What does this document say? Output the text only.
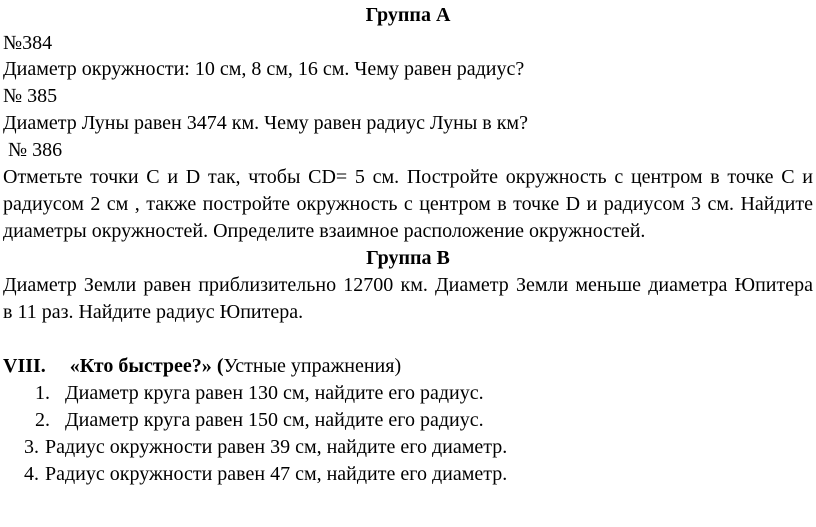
Группа А
№384
Диаметр окружности: 10 см, 8 см, 16 см. Чему равен радиус?
№ 385
Диаметр Луны равен 3474 км. Чему равен радиус Луны в км?
№ 386
Отметьте точки С и D так, чтобы CD= 5 см. Постройте окружность с центром в точке С и
радиусом 2 см , также постройте окружность с центром в точке D и радиусом 3 см. Найдите
диаметры окружностей. Определите взаимное расположение окружностей.
Группа В
Диаметр Земли равен приблизительно 12700 км. Диаметр Земли меньше диаметра Юпитера
в 11 раз. Найдите радиус Юпитера.
VIII. «Кто быстрее?» (Устные упражнения)
1. Диаметр круга равен 130 см, найдите его радиус.
2. Диаметр круга равен 150 см, найдите его радиус.
3. Радиус окружности равен 39 см, найдите его диаметр.
4. Радиус окружности равен 47 см, найдите его диаметр.
